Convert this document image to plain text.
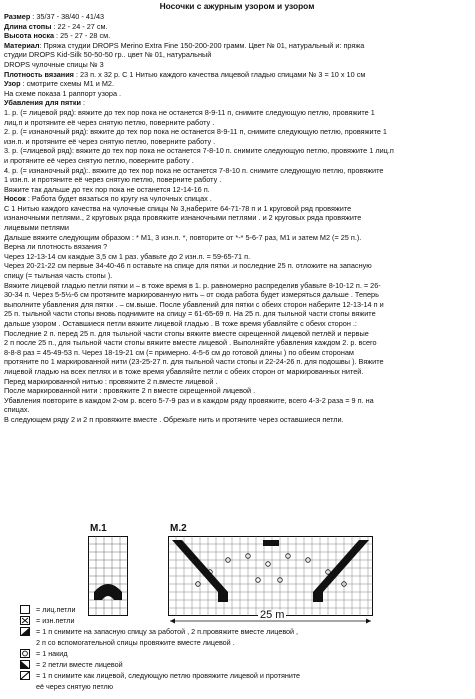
Носочки с ажурным узором и узором
Размер : 35/37 - 38/40 - 41/43
Длина стопы : 22 - 24 - 27 см.
Высота носка : 25 - 27 - 28 см.
Материал: Пряжа студии DROPS Merino Extra Fine 150-200-200 грамм. Цвет № 01, натуральный и: пряжа
студии DROPS Kid-Silk 50-50-50 гр.. цвет № 01, натуральный
DROPS чулочные спицы № 3
Плотность вязания : 23 п. х 32 р. С 1 Нитью каждого качества лицевой гладью спицами № 3 = 10 х 10 см
Узор : смотрите схемы М1 и М2.
На схеме показа 1 раппорт узора .
Убавления для пятки :
1. р. (= лицевой ряд): вяжите до тех пор пока не останется 8-9-11 п, снимите следующую петлю, провяжите 1
лиц.п и протяните её через снятую петлю, поверните работу .
2. р. (= изнаночный ряд): вяжите до тех пор пока не останется 8-9-11 п, снимите следующую петлю, провяжите 1
изн.п. и протяните её через снятую петлю, поверните работу .
3. р. (=лицевой ряд): вяжите до тех пор пока не останется 7-8-10 п. снимите следующую петлю, провяжите 1 лиц.п
и протяните её через снятую петлю, поверните работу .
4. р. (= изнаночный ряд):. вяжите до тех пор пока не останется 7-8-10 п. снимите следующую петлю, провяжите
1 изн.п. и протяните её через снятую петлю, поверните работу .
Вяжите так дальше до тех пор пока не останется 12-14-16 п.
Носок : Работа будет вязаться по кругу на чулочных спицах .
С 1 Нитью каждого качества на чулочные спицы № 3,наберите 64-71-78 п и 1 круговой ряд провяжите
изнаночными петлями., 2 круговых ряда провяжите изнаночными петлями . и 2 круговых ряда провяжите
лицевыми петлями
Дальше вяжите следующим образом : * М1, 3 изн.п. *, повторите от *-* 5-6-7 раз, М1 и затем М2 (= 25 п.).
Верна ли плотность вязания ?
Через 12-13-14 см каждые 3,5 см 1 раз. убавьте до 2 изн.п. = 59-65-71 п.
Через 20-21-22 см первые 34-40-46 п оставьте на спице для пятки .и последние 25 п. отложите на запасную
спицу (= тыльная часть стопы ).
Вяжите лицевой гладью петли пятки и – в тоже время в 1. р. равномерно распределив убавьте 8-10-12 п. = 26-
30-34 п. Через 5-5½-6 см протяните маркированную нить – от сюда работа будет измеряться дальше . Теперь
выполните убавления для пятки . – см.выше. После убавлений для пятки с обеих сторон наберите 12-13-14 п и
25 п. тыльной части стопы вновь поднимите на спицу = 61-65-69 п. На 25 п. для тыльной части стопы вяжите
дальше узором . Оставшиеся петли вяжите лицевой гладью . В тоже время убавляйте с обеих сторон .:
Последние 2 п. перед 25 п. для тыльной части стопы вяжите вместе скрещенной лицевой петлёй и первые
2 п после 25 п., для тыльной части стопы вяжите вместе лицевой . Выполняйте убавления каждом 2. р. всего
8-8-8 раз = 45-49-53 п. Через 18-19-21 см (= примерно. 4-5-6 см до готовой длины ) по обеим сторонам
протяните по 1 маркированной нити (23-25-27 п. для тыльной части стопы и 22-24-26 п. для подошвы ). Вяжите
лицевой гладью на всех петлях и в тоже время убавляйте петли с обеих сторон от маркированных нитей.
Перед маркированной нитью : провяжите 2 п.вместе лицевой .
После маркированной нити : провяжите 2 п вместе скрещенной лицевой .
Убавления повторите в каждом 2-ом р. всего 5-7-9 раз и в каждом ряду провяжите, всего 4-3-2 раза = 9 п. на
спицах.
В следующем ряду 2 и 2 п провяжите вместе . Обрежьте нить и протяните через оставшиеся петли.
М.1	М.2
25 m
= лиц.петли
= изн.петли
= 1 п снимите на запасную спицу за работой , 2 п.провяжите вместе лицевой ,
2 п со вспомогательной спицы провяжите вместе лицевой .
= 1 накид
= 2 петли вместе лицевой
= 1 п снимите как лицевой, следующую петлю провяжите лицевой и протяните
её через снятую петлю
